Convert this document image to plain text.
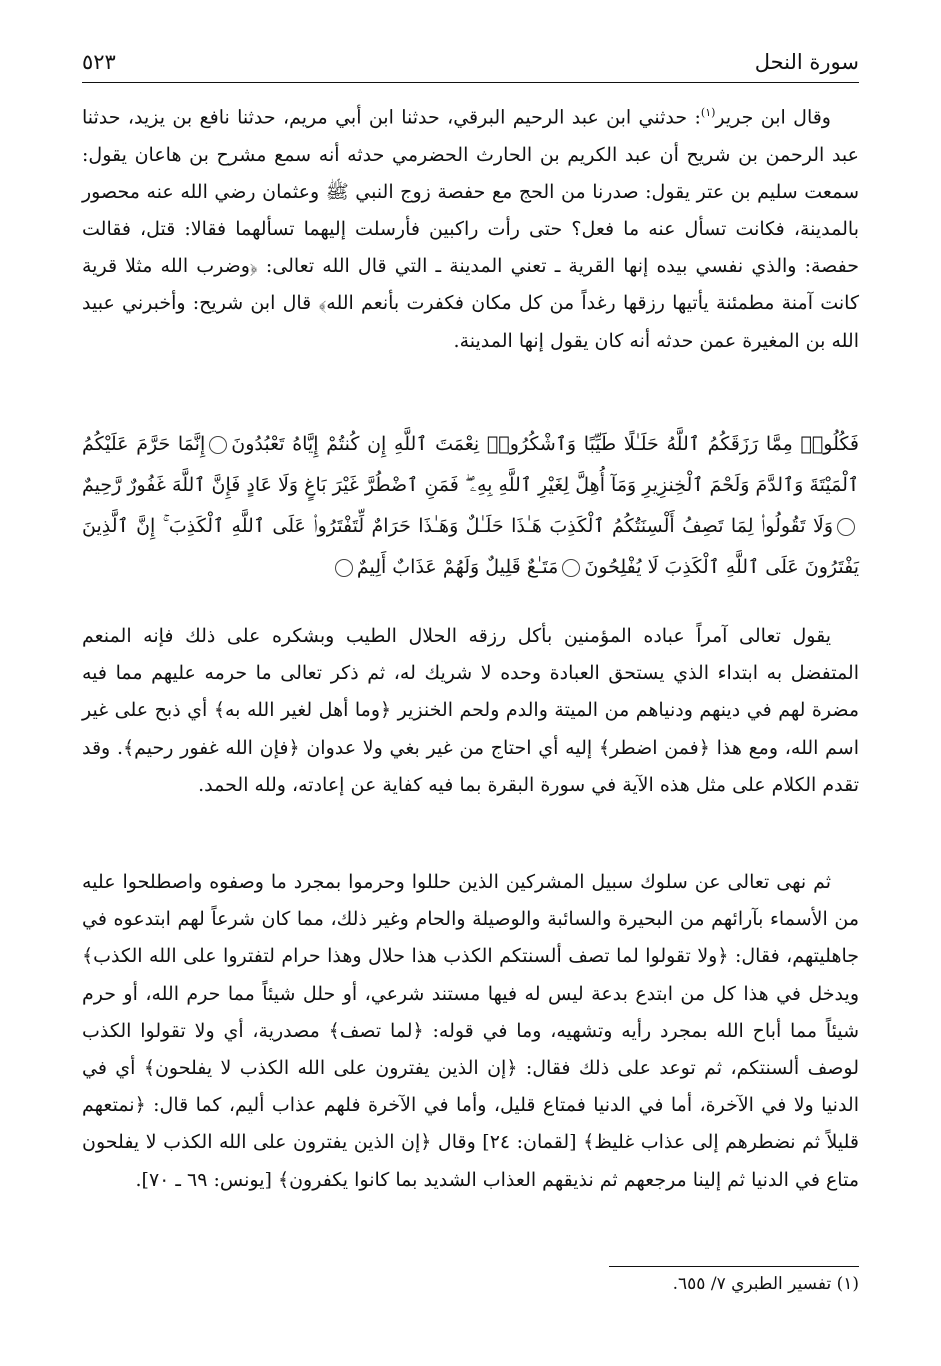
سورة النحل
٥٢٣

وقال ابن جرير$^{(١)}$: حدثني ابن عبد الرحيم البرقي، حدثنا ابن أبي مريم، حدثنا نافع بن يزيد، حدثنا عبد الرحمن بن شريح أن عبد الكريم بن الحارث الحضرمي حدثه أنه سمع مشرح بن هاعان يقول: سمعت سليم بن عتر يقول: صدرنا من الحج مع حفصة زوج النبي ﷺ وعثمان رضي الله عنه محصور بالمدينة، فكانت تسأل عنه ما فعل؟ حتى رأت راكبين فأرسلت إليهما تسألهما فقالا: قتل، فقالت حفصة: والذي نفسي بيده إنها القرية ـ تعني المدينة ـ التي قال الله تعالى: ﴿وضرب الله مثلا قرية كانت آمنة مطمئنة يأتيها رزقها رغداً من كل مكان فكفرت بأنعم الله﴾ قال ابن شريح: وأخبرني عبيد الله بن المغيرة عمن حدثه أنه كان يقول إنها المدينة.

فَكُلُوا۟ مِمَّا رَزَقَكُمُ ٱللَّهُ حَلَـٰلًا طَيِّبًا وَٱشْكُرُوا۟ نِعْمَتَ ٱللَّهِ إِن كُنتُمْ إِيَّاهُ تَعْبُدُونَإِنَّمَا حَرَّمَ عَلَيْكُمُ ٱلْمَيْتَةَ وَٱلدَّمَ وَلَحْمَ ٱلْخِنزِيرِ وَمَآ أُهِلَّ لِغَيْرِ ٱللَّهِ بِهِۦ ۖ فَمَنِ ٱضْطُرَّ غَيْرَ بَاغٍ وَلَا عَادٍ فَإِنَّ ٱللَّهَ غَفُورٌ رَّحِيمٌوَلَا تَقُولُوا۟ لِمَا تَصِفُ أَلْسِنَتُكُمُ ٱلْكَذِبَ هَـٰذَا حَلَـٰلٌ وَهَـٰذَا حَرَامٌ لِّتَفْتَرُوا۟ عَلَى ٱللَّهِ ٱلْكَذِبَ ۚ إِنَّ ٱلَّذِينَ يَفْتَرُونَ عَلَى ٱللَّهِ ٱلْكَذِبَ لَا يُفْلِحُونَمَتَـٰعٌ قَلِيلٌ وَلَهُمْ عَذَابٌ أَلِيمٌ

يقول تعالى آمراً عباده المؤمنين بأكل رزقه الحلال الطيب وبشكره على ذلك فإنه المنعم المتفضل به ابتداء الذي يستحق العبادة وحده لا شريك له، ثم ذكر تعالى ما حرمه عليهم مما فيه مضرة لهم في دينهم ودنياهم من الميتة والدم ولحم الخنزير ﴿وما أهل لغير الله به﴾ أي ذبح على غير اسم الله، ومع هذا ﴿فمن اضطر﴾ إليه أي احتاج من غير بغي ولا عدوان ﴿فإن الله غفور رحيم﴾. وقد تقدم الكلام على مثل هذه الآية في سورة البقرة بما فيه كفاية عن إعادته، ولله الحمد.

ثم نهى تعالى عن سلوك سبيل المشركين الذين حللوا وحرموا بمجرد ما وصفوه واصطلحوا عليه من الأسماء بآرائهم من البحيرة والسائبة والوصيلة والحام وغير ذلك، مما كان شرعاً لهم ابتدعوه في جاهليتهم، فقال: ﴿ولا تقولوا لما تصف ألسنتكم الكذب هذا حلال وهذا حرام لتفتروا على الله الكذب﴾ ويدخل في هذا كل من ابتدع بدعة ليس له فيها مستند شرعي، أو حلل شيئاً مما حرم الله، أو حرم شيئاً مما أباح الله بمجرد رأيه وتشهيه، وما في قوله: ﴿لما تصف﴾ مصدرية، أي ولا تقولوا الكذب لوصف ألسنتكم، ثم توعد على ذلك فقال: ﴿إن الذين يفترون على الله الكذب لا يفلحون﴾ أي في الدنيا ولا في الآخرة، أما في الدنيا فمتاع قليل، وأما في الآخرة فلهم عذاب أليم، كما قال: ﴿نمتعهم قليلاً ثم نضطرهم إلى عذاب غليظ﴾ [لقمان: ٢٤] وقال ﴿إن الذين يفترون على الله الكذب لا يفلحون متاع في الدنيا ثم إلينا مرجعهم ثم نذيقهم العذاب الشديد بما كانوا يكفرون﴾ [يونس: ٦٩ ـ ٧٠].

(١) تفسير الطبري ٧/ ٦٥٥.
